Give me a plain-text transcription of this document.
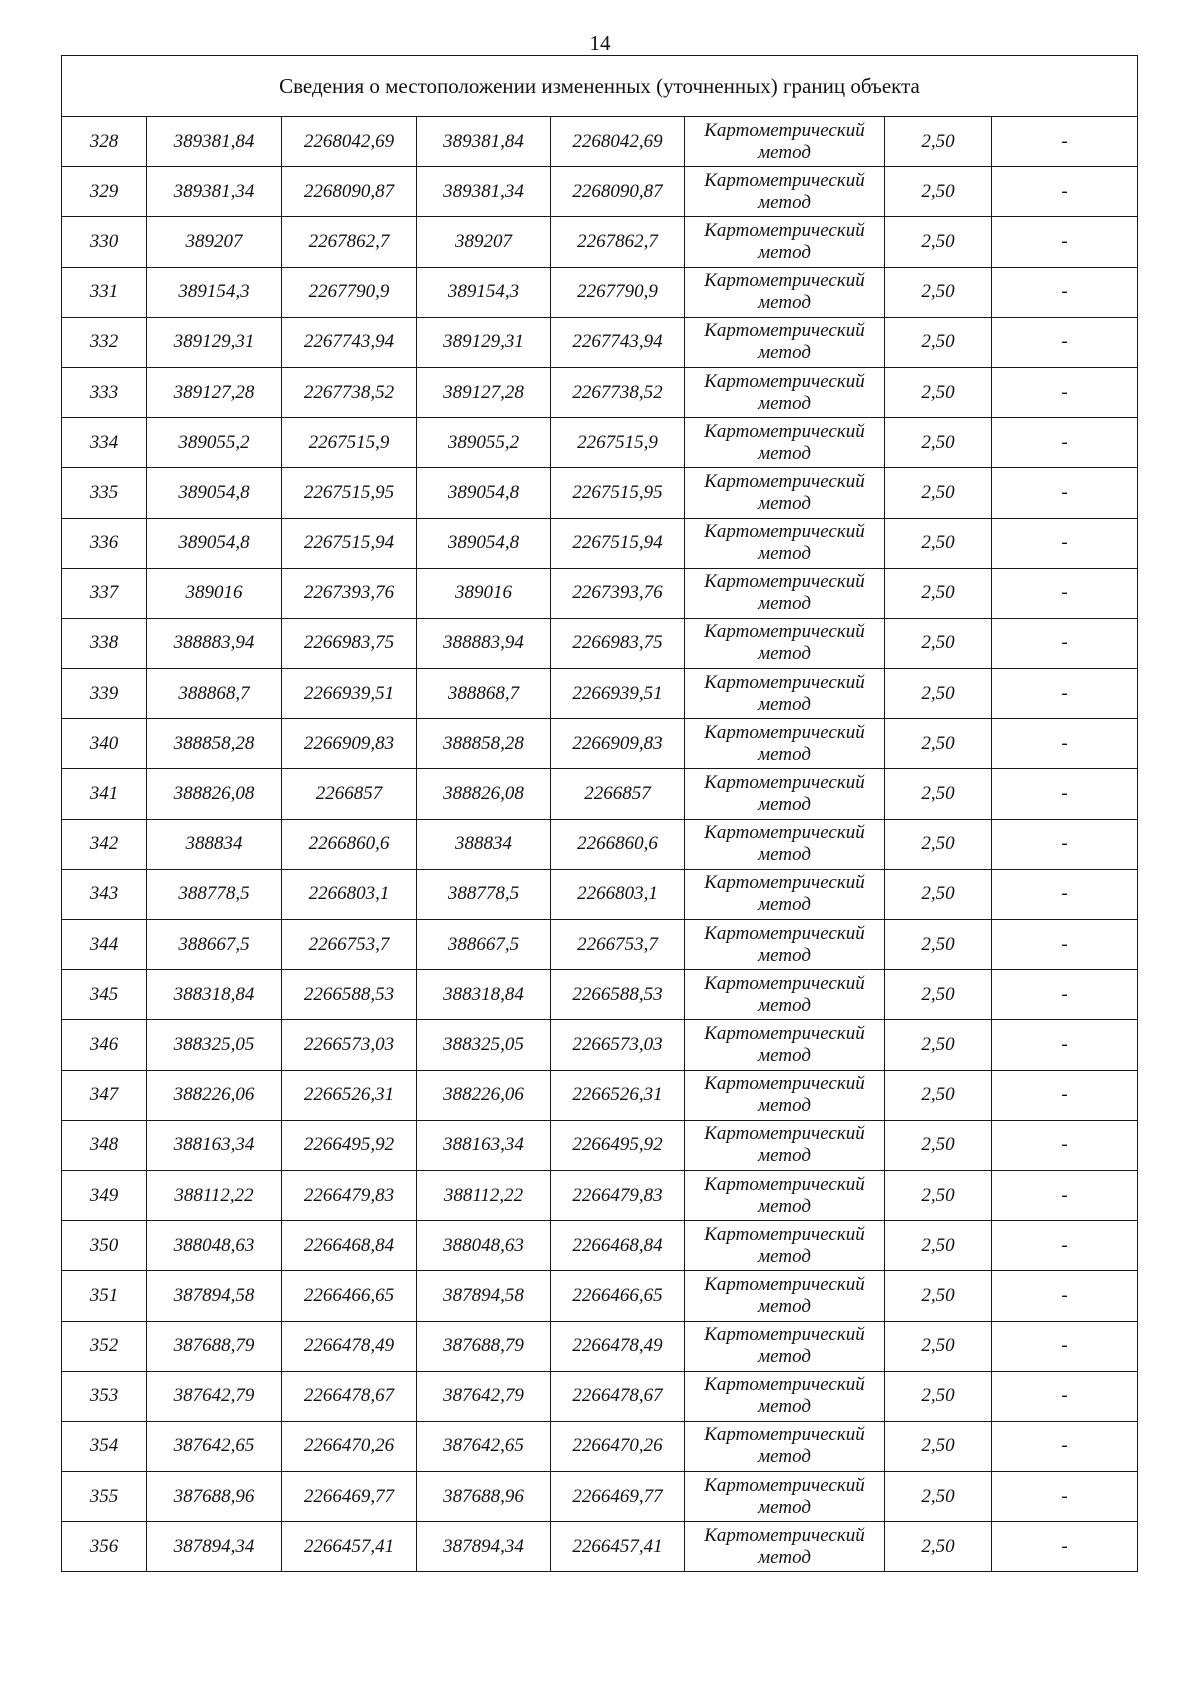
14
Сведения о местоположении измененных (уточненных) границ объекта							
328	389381,84	2268042,69	389381,84	2268042,69	Картометрический
метод	2,50	-
329	389381,34	2268090,87	389381,34	2268090,87	Картометрический
метод	2,50	-
330	389207	2267862,7	389207	2267862,7	Картометрический
метод	2,50	-
331	389154,3	2267790,9	389154,3	2267790,9	Картометрический
метод	2,50	-
332	389129,31	2267743,94	389129,31	2267743,94	Картометрический
метод	2,50	-
333	389127,28	2267738,52	389127,28	2267738,52	Картометрический
метод	2,50	-
334	389055,2	2267515,9	389055,2	2267515,9	Картометрический
метод	2,50	-
335	389054,8	2267515,95	389054,8	2267515,95	Картометрический
метод	2,50	-
336	389054,8	2267515,94	389054,8	2267515,94	Картометрический
метод	2,50	-
337	389016	2267393,76	389016	2267393,76	Картометрический
метод	2,50	-
338	388883,94	2266983,75	388883,94	2266983,75	Картометрический
метод	2,50	-
339	388868,7	2266939,51	388868,7	2266939,51	Картометрический
метод	2,50	-
340	388858,28	2266909,83	388858,28	2266909,83	Картометрический
метод	2,50	-
341	388826,08	2266857	388826,08	2266857	Картометрический
метод	2,50	-
342	388834	2266860,6	388834	2266860,6	Картометрический
метод	2,50	-
343	388778,5	2266803,1	388778,5	2266803,1	Картометрический
метод	2,50	-
344	388667,5	2266753,7	388667,5	2266753,7	Картометрический
метод	2,50	-
345	388318,84	2266588,53	388318,84	2266588,53	Картометрический
метод	2,50	-
346	388325,05	2266573,03	388325,05	2266573,03	Картометрический
метод	2,50	-
347	388226,06	2266526,31	388226,06	2266526,31	Картометрический
метод	2,50	-
348	388163,34	2266495,92	388163,34	2266495,92	Картометрический
метод	2,50	-
349	388112,22	2266479,83	388112,22	2266479,83	Картометрический
метод	2,50	-
350	388048,63	2266468,84	388048,63	2266468,84	Картометрический
метод	2,50	-
351	387894,58	2266466,65	387894,58	2266466,65	Картометрический
метод	2,50	-
352	387688,79	2266478,49	387688,79	2266478,49	Картометрический
метод	2,50	-
353	387642,79	2266478,67	387642,79	2266478,67	Картометрический
метод	2,50	-
354	387642,65	2266470,26	387642,65	2266470,26	Картометрический
метод	2,50	-
355	387688,96	2266469,77	387688,96	2266469,77	Картометрический
метод	2,50	-
356	387894,34	2266457,41	387894,34	2266457,41	Картометрический
метод	2,50	-
